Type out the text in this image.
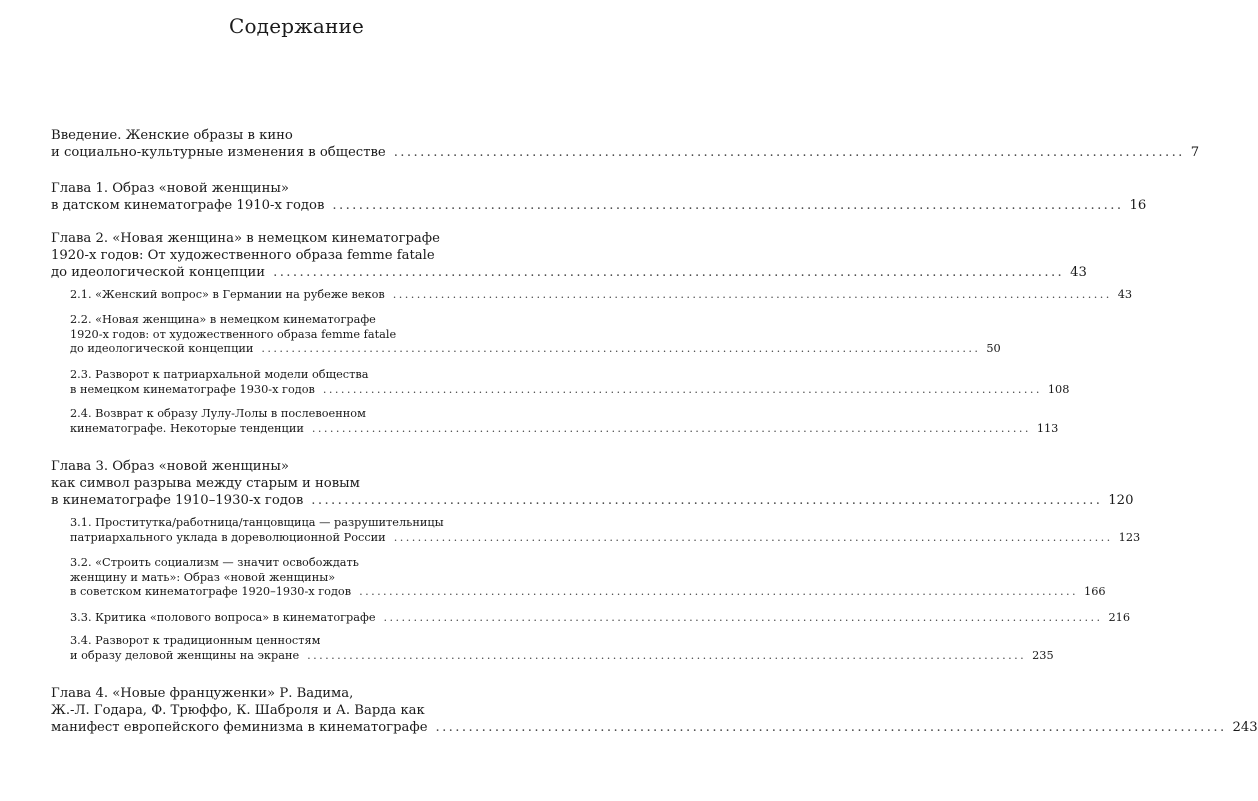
Содержание
Введение. Женские образы в кино
и социально-культурные изменения в обществе ........................................................................................................................ 7
Глава 1. Образ «новой женщины»
в датском кинематографе 1910-х годов ........................................................................................................................ 16
Глава 2. «Новая женщина» в немецком кинематографе
1920-х годов: От художественного образа femme fatale
до идеологической концепции ........................................................................................................................ 43
2.1. «Женский вопрос» в Германии на рубеже веков ........................................................................................................................ 43
2.2. «Новая женщина» в немецком кинематографе
1920-х годов: от художественного образа femme fatale
до идеологической концепции ........................................................................................................................ 50
2.3. Разворот к патриархальной модели общества
в немецком кинематографе 1930-х годов ........................................................................................................................ 108
2.4. Возврат к образу Лулу-Лолы в послевоенном
кинематографе. Некоторые тенденции ........................................................................................................................ 113
Глава 3. Образ «новой женщины»
как символ разрыва между старым и новым
в кинематографе 1910–1930-х годов ........................................................................................................................ 120
3.1. Проститутка/работница/танцовщица — разрушительницы
патриархального уклада в дореволюционной России ........................................................................................................................ 123
3.2. «Строить социализм — значит освобождать
женщину и мать»: Образ «новой женщины»
в советском кинематографе 1920–1930-х годов ........................................................................................................................ 166
3.3. Критика «полового вопроса» в кинематографе ........................................................................................................................ 216
3.4. Разворот к традиционным ценностям
и образу деловой женщины на экране ........................................................................................................................ 235
Глава 4. «Новые француженки» Р. Вадима,
Ж.-Л. Годара, Ф. Трюффо, К. Шаброля и А. Варда как
манифест европейского феминизма в кинематографе ........................................................................................................................ 243
